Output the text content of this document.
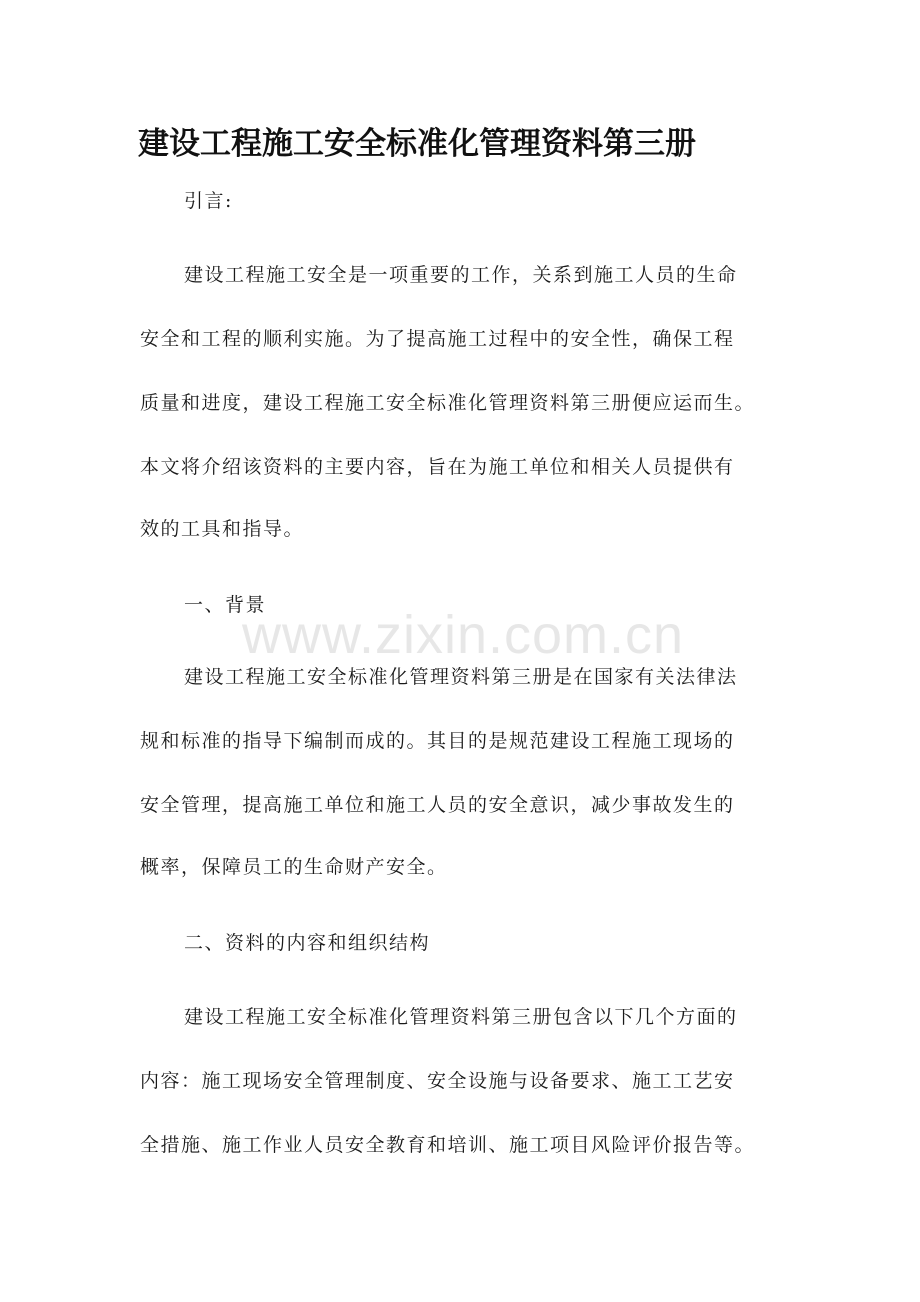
建设工程施工安全标准化管理资料第三册
引言:
建设工程施工安全是一项重要的工作，关系到施工人员的生命
安全和工程的顺利实施。为了提高施工过程中的安全性，确保工程
质量和进度，建设工程施工安全标准化管理资料第三册便应运而生。
本文将介绍该资料的主要内容，旨在为施工单位和相关人员提供有
效的工具和指导。
一、背景
建设工程施工安全标准化管理资料第三册是在国家有关法律法
规和标准的指导下编制而成的。其目的是规范建设工程施工现场的
安全管理，提高施工单位和施工人员的安全意识，减少事故发生的
概率，保障员工的生命财产安全。
二、资料的内容和组织结构
建设工程施工安全标准化管理资料第三册包含以下几个方面的
内容：施工现场安全管理制度、安全设施与设备要求、施工工艺安
全措施、施工作业人员安全教育和培训、施工项目风险评价报告等。
www.zixin.com.cn
